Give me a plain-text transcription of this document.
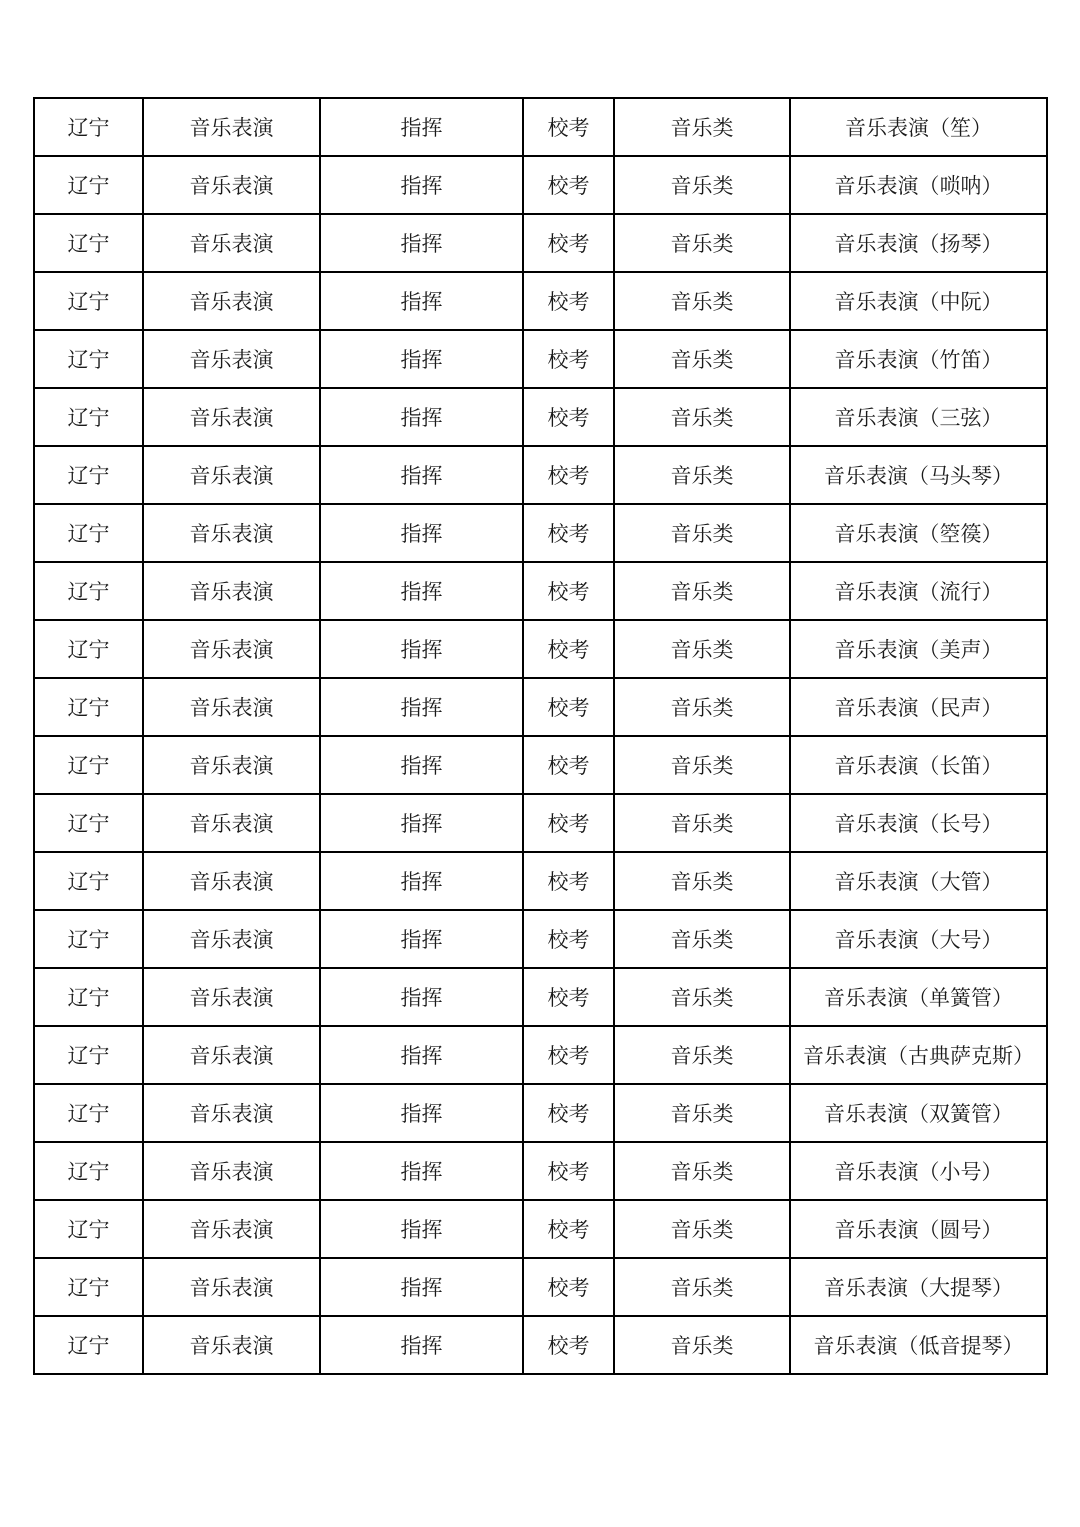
辽宁	音乐表演	指挥	校考	音乐类	音乐表演（笙）
辽宁	音乐表演	指挥	校考	音乐类	音乐表演（唢呐）
辽宁	音乐表演	指挥	校考	音乐类	音乐表演（扬琴）
辽宁	音乐表演	指挥	校考	音乐类	音乐表演（中阮）
辽宁	音乐表演	指挥	校考	音乐类	音乐表演（竹笛）
辽宁	音乐表演	指挥	校考	音乐类	音乐表演（三弦）
辽宁	音乐表演	指挥	校考	音乐类	音乐表演（马头琴）
辽宁	音乐表演	指挥	校考	音乐类	音乐表演（箜篌）
辽宁	音乐表演	指挥	校考	音乐类	音乐表演（流行）
辽宁	音乐表演	指挥	校考	音乐类	音乐表演（美声）
辽宁	音乐表演	指挥	校考	音乐类	音乐表演（民声）
辽宁	音乐表演	指挥	校考	音乐类	音乐表演（长笛）
辽宁	音乐表演	指挥	校考	音乐类	音乐表演（长号）
辽宁	音乐表演	指挥	校考	音乐类	音乐表演（大管）
辽宁	音乐表演	指挥	校考	音乐类	音乐表演（大号）
辽宁	音乐表演	指挥	校考	音乐类	音乐表演（单簧管）
辽宁	音乐表演	指挥	校考	音乐类	音乐表演（古典萨克斯）
辽宁	音乐表演	指挥	校考	音乐类	音乐表演（双簧管）
辽宁	音乐表演	指挥	校考	音乐类	音乐表演（小号）
辽宁	音乐表演	指挥	校考	音乐类	音乐表演（圆号）
辽宁	音乐表演	指挥	校考	音乐类	音乐表演（大提琴）
辽宁	音乐表演	指挥	校考	音乐类	音乐表演（低音提琴）
